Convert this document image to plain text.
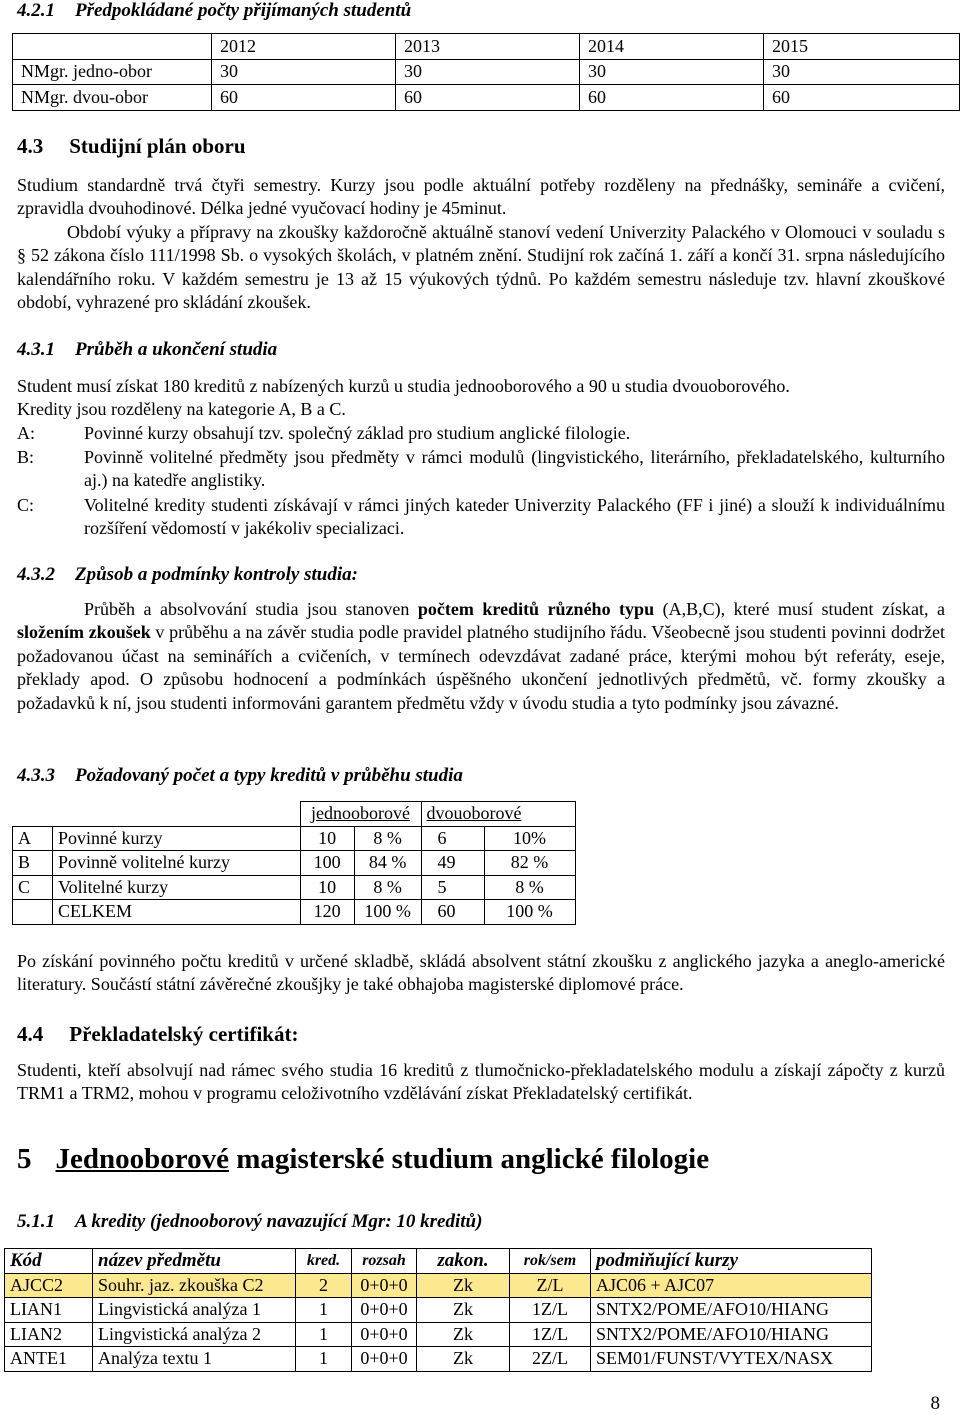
4.2.1 Předpokládané počty přijímaných studentů
	2012	2013	2014	2015
NMgr. jedno-obor	30	30	30	30
NMgr. dvou-obor	60	60	60	60
4.3 Studijní plán oboru

Studium standardně trvá čtyři semestry. Kurzy jsou podle aktuální potřeby rozděleny na přednášky, semináře a cvičení, zpravidla dvouhodinové. Délka jedné vyučovací hodiny je 45minut.

Období výuky a přípravy na zkoušky každoročně aktuálně stanoví vedení Univerzity Palackého v Olomouci v souladu s § 52 zákona číslo 111/1998 Sb. o vysokých školách, v platném znění. Studijní rok začíná 1. září a končí 31. srpna následujícího kalendářního roku. V každém semestru je 13 až 15 výukových týdnů. Po každém semestru následuje tzv. hlavní zkouškové období, vyhrazené pro skládání zkoušek.

4.3.1 Průběh a ukončení studia

Student musí získat 180 kreditů z nabízených kurzů u studia jednooborového a 90 u studia dvouoborového.

Kredity jsou rozděleny na kategorie A, B a C.

A:	Povinné kurzy obsahují tzv. společný základ pro studium anglické filologie.
B:	Povinně volitelné předměty jsou předměty v rámci modulů (lingvistického, literárního, překladatelského, kulturního aj.) na katedře anglistiky.
C:	Volitelné kredity studenti získávají v rámci jiných kateder Univerzity Palackého (FF i jiné) a slouží k individuálnímu rozšíření vědomostí v jakékoliv specializaci.
4.3.2 Způsob a podmínky kontroly studia:

Průběh a absolvování studia jsou stanoven počtem kreditů různého typu (A,B,C), které musí student získat, a složením zkoušek v průběhu a na závěr studia podle pravidel platného studijního řádu. Všeobecně jsou studenti povinni dodržet požadovanou účast na seminářích a cvičeních, v termínech odevzdávat zadané práce, kterými mohou být referáty, eseje, překlady apod. O způsobu hodnocení a podmínkách úspěšného ukončení jednotlivých předmětů, vč. formy zkoušky a požadavků k ní, jsou studenti informováni garantem předmětu vždy v úvodu studia a tyto podmínky jsou závazné.

4.3.3 Požadovaný počet a typy kreditů v průběhu studia
		jednooborové		dvouoborové	
A	Povinné kurzy	10	8 %	6	10%
B	Povinně volitelné kurzy	100	84 %	49	82 %
C	Volitelné kurzy	10	8 %	5	8 %
	CELKEM	120	100 %	60	100 %

Po získání povinného počtu kreditů v určené skladbě, skládá absolvent státní zkoušku z anglického jazyka a aneglo-americké literatury. Součástí státní závěrečné zkoušjky je také obhajoba magisterské diplomové práce.

4.4 Překladatelský certifikát:

Studenti, kteří absolvují nad rámec svého studia 16 kreditů z tlumočnicko-překladatelského modulu a získají zápočty z kurzů TRM1 a TRM2, mohou v programu celoživotního vzdělávání získat Překladatelský certifikát.

5 Jednooborové magisterské studium anglické filologie
5.1.1 A kredity (jednooborový navazující Mgr: 10 kreditů)
Kód	název předmětu	kred.	rozsah	zakon.	rok/sem	podmiňující kurzy
AJCC2	Souhr. jaz. zkouška C2	2	0+0+0	Zk	Z/L	AJC06 + AJC07
LIAN1	Lingvistická analýza 1	1	0+0+0	Zk	1Z/L	SNTX2/POME/AFO10/HIANG
LIAN2	Lingvistická analýza 2	1	0+0+0	Zk	1Z/L	SNTX2/POME/AFO10/HIANG
ANTE1	Analýza textu 1	1	0+0+0	Zk	2Z/L	SEM01/FUNST/VYTEX/NASX
8
